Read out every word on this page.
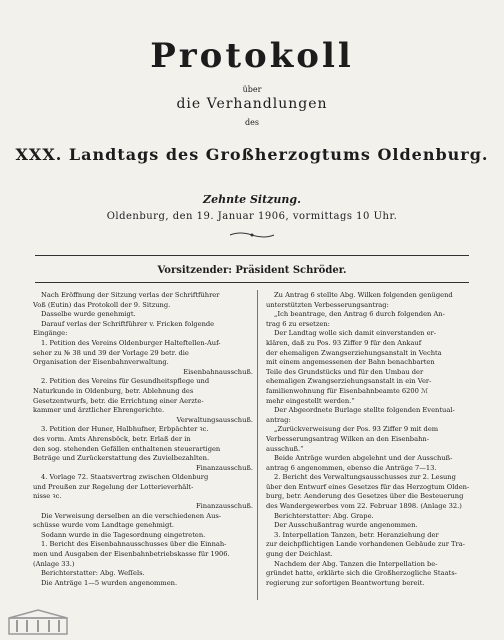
Protokoll
über
die Verhandlungen
des
XXX. Landtags des Großherzogtums Oldenburg.
Zehnte Sitzung.
Oldenburg, den 19. Januar 1906, vormittags 10 Uhr.
Vorsitzender: Präsident Schröder.
Nach Eröffnung der Sitzung verlas der Schriftführer
Voß (Eutin) das Protokoll der 9. Sitzung.
Dasselbe wurde genehmigt.
Darauf verlas der Schriftführer v. Fricken folgende
Eingänge:
1. Petition des Vereins Oldenburger Halteftellen-Auf-
seher zu № 38 und 39 der Vorlage 29 betr. die
Organisation der Eisenbahnverwaltung.
Eisenbahnausschuß.
2. Petition des Vereins für Gesundheitspflege und
Naturkunde in Oldenburg, betr. Ablehnung des
Gesetzentwurfs, betr. die Errichtung einer Aerzte-
kammer und ärztlicher Ehrengerichte.
Verwaltungsausschuß.
3. Petition der Huner, Halbhufner, Erbpächter ꝛc.
des vorm. Amts Ahrensböck, betr. Erlaß der in
den sog. stehenden Gefällen enthaltenen steuerartigen
Beträge und Zurückerstattung des Zuvielbezahlten.
Finanzausschuß.
4. Vorlage 72. Staatsvertrag zwischen Oldenburg
und Preußen zur Regelung der Lotterieverhält-
nisse ꝛc.
Finanzausschuß.
Die Verweisung derselben an die verschiedenen Aus-
schüsse wurde vom Landtage genehmigt.
Sodann wurde in die Tagesordnung eingetreten.
1. Bericht des Eisenbahnausschusses über die Einnah-
men und Ausgaben der Eisenbahnbetriebskasse für 1906.
(Anlage 33.)
Berichterstatter: Abg. Weſſels.
Die Anträge 1—5 wurden angenommen.
Zu Antrag 6 stellte Abg. Wilken folgenden genügend
unterstützten Verbesserungsantrag:
„Ich beantrage, den Antrag 6 durch folgenden An-
trag 6 zu ersetzen:
Der Landtag wolle sich damit einverstanden er-
klären, daß zu Pos. 93 Ziffer 9 für den Ankauf
der ehemaligen Zwangserziehungsanstalt in Vechta
mit einem angemessenen der Bahn benachbarten
Teile des Grundstücks und für den Umbau der
ehemaligen Zwangserziehungsanstalt in ein Ver-
familienwohnung für Eisenbahnbeamte 6200 ℳ
mehr eingestellt werden.“
Der Abgeordnete Burlage stellte folgenden Eventual-
antrag:
„Zurückverweisung der Pos. 93 Ziffer 9 mit dem
Verbesserungsantrag Wilken an den Eisenbahn-
ausschuß.“
Beide Anträge wurden abgelehnt und der Ausschuß-
antrag 6 angenommen, ebenso die Anträge 7—13.
2. Bericht des Verwaltungsausschusses zur 2. Lesung
über den Entwurf eines Gesetzes für das Herzogtum Olden-
burg, betr. Aenderung des Gesetzes über die Besteuerung
des Wandergewerbes vom 22. Februar 1898. (Anlage 32.)
Berichterstatter: Abg. Grape.
Der Ausschußantrag wurde angenommen.
3. Interpellation Tanzen, betr. Heranziehung der
zur deichpflichtigen Lande vorhandenen Gebäude zur Tra-
gung der Deichlast.
Nachdem der Abg. Tanzen die Interpellation be-
gründet hatte, erklärte sich die Großherzogliche Staats-
regierung zur sofortigen Beantwortung bereit.
